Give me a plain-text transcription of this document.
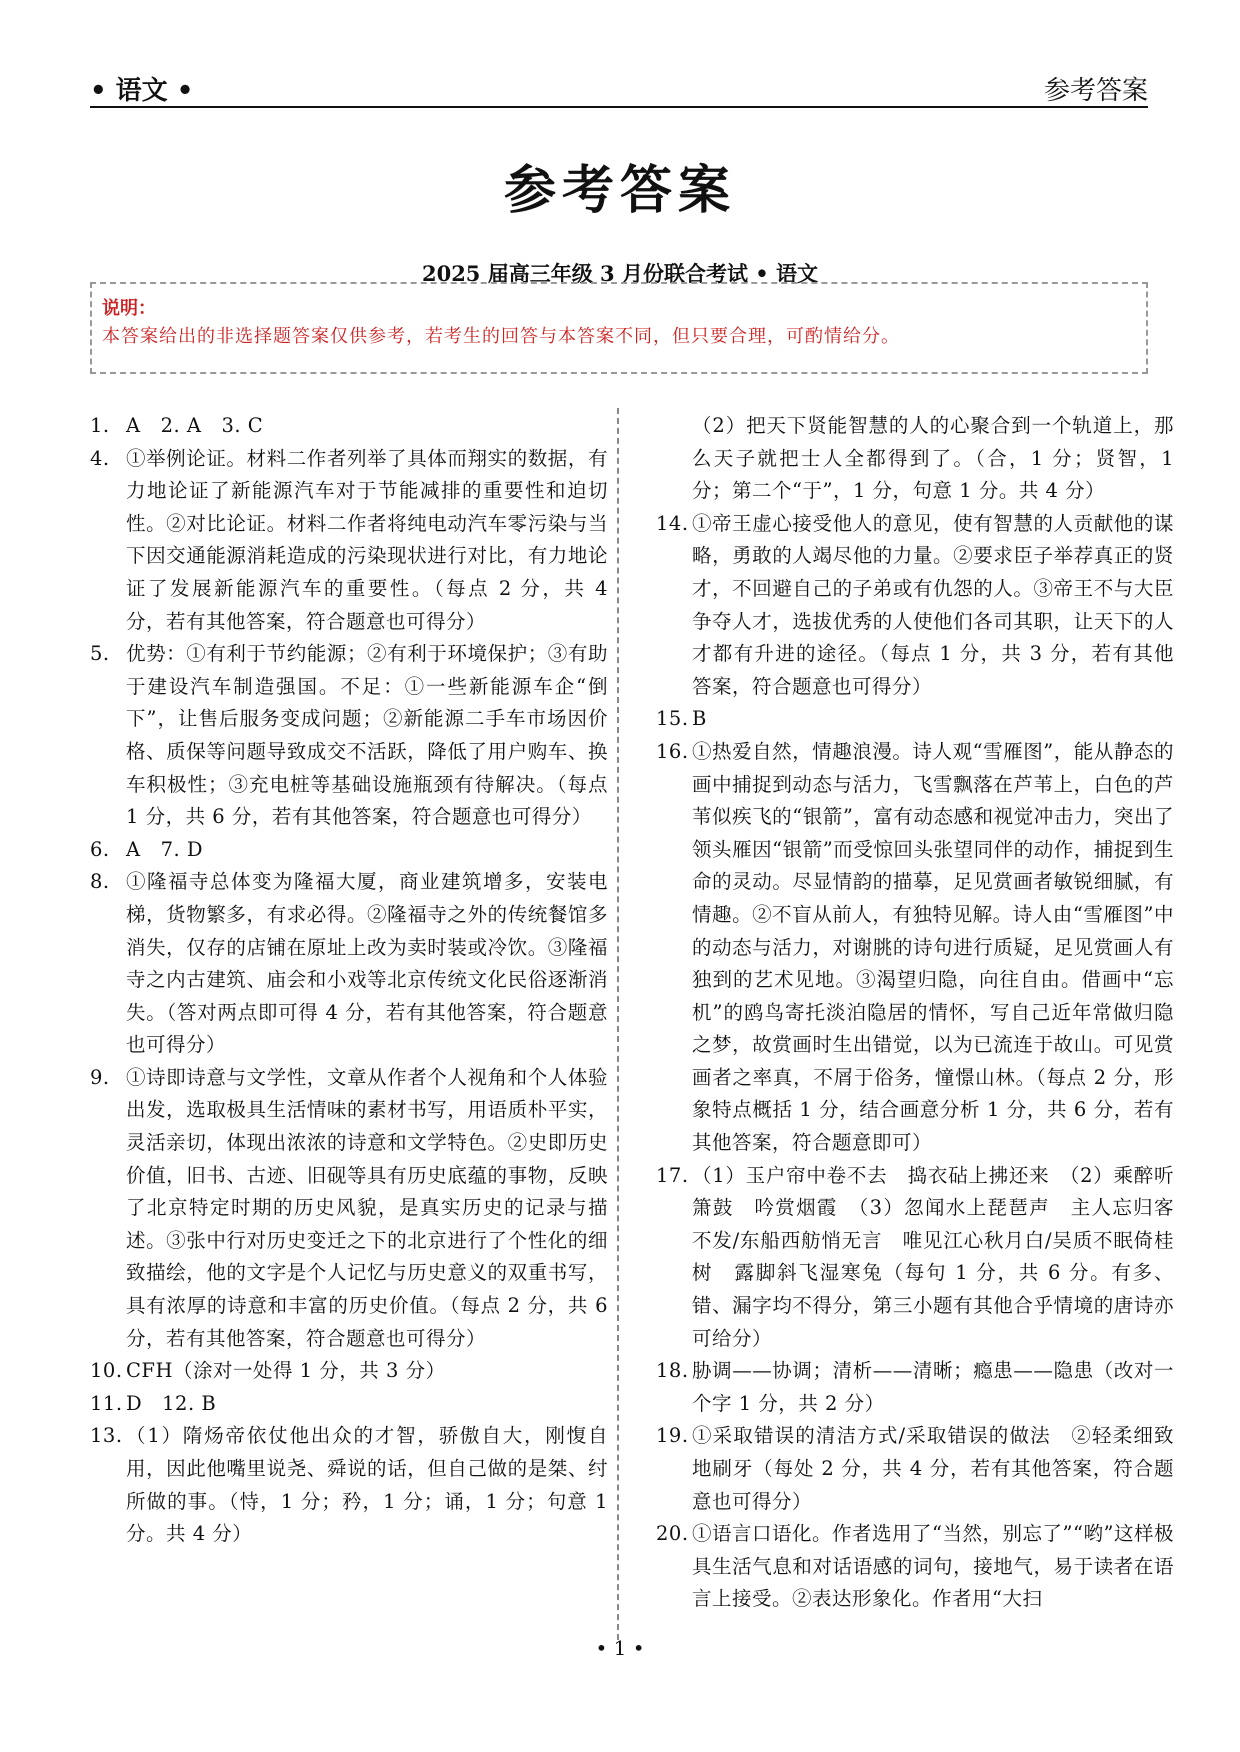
• 语文 •	参考答案
参考答案
2025 届高三年级 3 月份联合考试 • 语文
说明：
本答案给出的非选择题答案仅供参考，若考生的回答与本答案不同，但只要合理，可酌情给分。
1. A　2. A　3. C
4. ①举例论证。材料二作者列举了具体而翔实的数据，有力地论证了新能源汽车对于节能减排的重要性和迫切性。②对比论证。材料二作者将纯电动汽车零污染与当下因交通能源消耗造成的污染现状进行对比，有力地论证了发展新能源汽车的重要性。（每点 2 分，共 4 分，若有其他答案，符合题意也可得分）
5. 优势：①有利于节约能源；②有利于环境保护；③有助于建设汽车制造强国。不足：①一些新能源车企“倒下”，让售后服务变成问题；②新能源二手车市场因价格、质保等问题导致成交不活跃，降低了用户购车、换车积极性；③充电桩等基础设施瓶颈有待解决。（每点 1 分，共 6 分，若有其他答案，符合题意也可得分）
6. A　7. D
8. ①隆福寺总体变为隆福大厦，商业建筑增多，安装电梯，货物繁多，有求必得。②隆福寺之外的传统餐馆多消失，仅存的店铺在原址上改为卖时装或冷饮。③隆福寺之内古建筑、庙会和小戏等北京传统文化民俗逐渐消失。（答对两点即可得 4 分，若有其他答案，符合题意也可得分）
9. ①诗即诗意与文学性，文章从作者个人视角和个人体验出发，选取极具生活情味的素材书写，用语质朴平实，灵活亲切，体现出浓浓的诗意和文学特色。②史即历史价值，旧书、古迹、旧砚等具有历史底蕴的事物，反映了北京特定时期的历史风貌，是真实历史的记录与描述。③张中行对历史变迁之下的北京进行了个性化的细致描绘，他的文字是个人记忆与历史意义的双重书写，具有浓厚的诗意和丰富的历史价值。（每点 2 分，共 6 分，若有其他答案，符合题意也可得分）
10. CFH（涂对一处得 1 分，共 3 分）
11. D　12. B
13. （1）隋炀帝依仗他出众的才智，骄傲自大，刚愎自用，因此他嘴里说尧、舜说的话，但自己做的是桀、纣所做的事。（恃，1 分；矜，1 分；诵，1 分；句意 1 分。共 4 分）
（2）把天下贤能智慧的人的心聚合到一个轨道上，那么天子就把士人全都得到了。（合，1 分；贤智，1 分；第二个“于”，1 分，句意 1 分。共 4 分）
14. ①帝王虚心接受他人的意见，使有智慧的人贡献他的谋略，勇敢的人竭尽他的力量。②要求臣子举荐真正的贤才，不回避自己的子弟或有仇怨的人。③帝王不与大臣争夺人才，选拔优秀的人使他们各司其职，让天下的人才都有升进的途径。（每点 1 分，共 3 分，若有其他答案，符合题意也可得分）
15. B
16. ①热爱自然，情趣浪漫。诗人观“雪雁图”，能从静态的画中捕捉到动态与活力，飞雪飘落在芦苇上，白色的芦苇似疾飞的“银箭”，富有动态感和视觉冲击力，突出了领头雁因“银箭”而受惊回头张望同伴的动作，捕捉到生命的灵动。尽显情韵的描摹，足见赏画者敏锐细腻，有情趣。②不盲从前人，有独特见解。诗人由“雪雁图”中的动态与活力，对谢朓的诗句进行质疑，足见赏画人有独到的艺术见地。③渴望归隐，向往自由。借画中“忘机”的鸥鸟寄托淡泊隐居的情怀，写自己近年常做归隐之梦，故赏画时生出错觉，以为已流连于故山。可见赏画者之率真，不屑于俗务，憧憬山林。（每点 2 分，形象特点概括 1 分，结合画意分析 1 分，共 6 分，若有其他答案，符合题意即可）
17. （1）玉户帘中卷不去　捣衣砧上拂还来　（2）乘醉听箫鼓　吟赏烟霞　（3）忽闻水上琵琶声　主人忘归客不发/东船西舫悄无言　唯见江心秋月白/吴质不眠倚桂树　露脚斜飞湿寒兔（每句 1 分，共 6 分。有多、错、漏字均不得分，第三小题有其他合乎情境的唐诗亦可给分）
18. 胁调——协调；清析——清晰；瘾患——隐患（改对一个字 1 分，共 2 分）
19. ①采取错误的清洁方式/采取错误的做法　②轻柔细致地刷牙（每处 2 分，共 4 分，若有其他答案，符合题意也可得分）
20. ①语言口语化。作者选用了“当然，别忘了”“哟”这样极具生活气息和对话语感的词句，接地气，易于读者在语言上接受。②表达形象化。作者用“大扫
• 1 •
